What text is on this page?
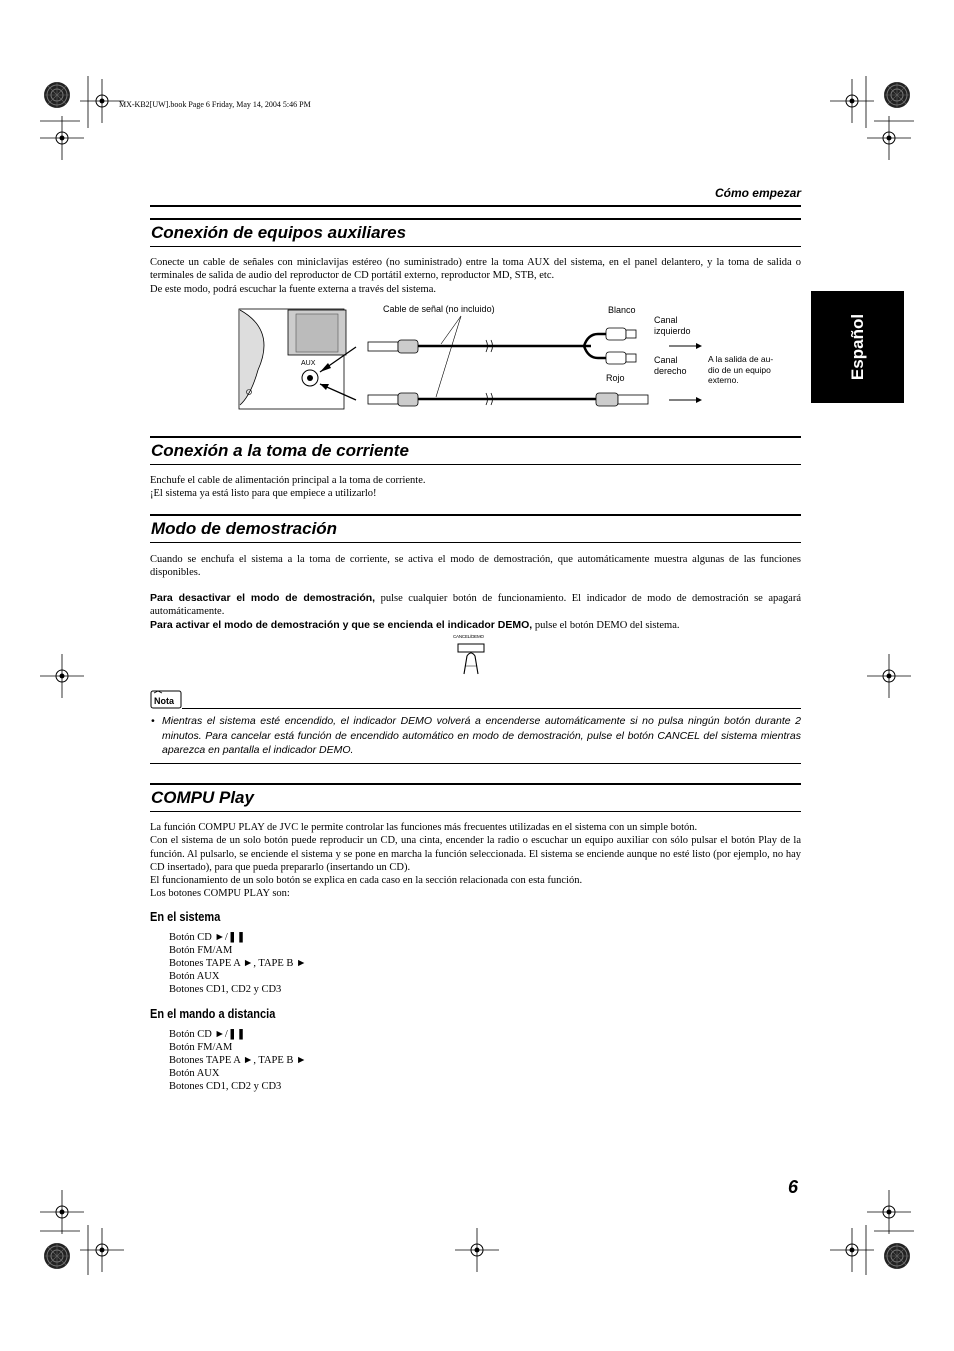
MX-KB2[UW].book Page 6 Friday, May 14, 2004 5:46 PM
Cómo empezar
Español
Conexión de equipos auxiliares

Conecte un cable de señales con miniclavijas estéreo (no suministrado) entre la toma AUX del sistema, en el panel delantero, y la toma de salida o terminales de salida de audio del reproductor de CD portátil externo, reproductor MD, STB, etc.

De este modo, podrá escuchar la fuente externa a través del sistema.

AUX
Cable de señal (no incluido)	Blanco
Rojo
Canal
izquierdo
Canal
derecho
A la salida de au-
dio de un equipo
externo.
Conexión a la toma de corriente

Enchufe el cable de alimentación principal a la toma de corriente.

¡El sistema ya está listo para que empiece a utilizarlo!

Modo de demostración

Cuando se enchufa el sistema a la toma de corriente, se activa el modo de demostración, que automáticamente muestra algunas de las funciones disponibles.

Para desactivar el modo de demostración, pulse cualquier botón de funcionamiento. El indicador de modo de demostración se apagará automáticamente.

Para activar el modo de demostración y que se encienda el indicador DEMO, pulse el botón DEMO del sistema.

CANCEL/DEMO
Nota
• Mientras el sistema esté encendido, el indicador DEMO volverá a encenderse automáticamente si no pulsa ningún botón durante 2 minutos. Para cancelar está función de encendido automático en modo de demostración, pulse el botón CANCEL del sistema mientras aparezca en pantalla el indicador DEMO.
COMPU Play

La función COMPU PLAY de JVC le permite controlar las funciones más frecuentes utilizadas en el sistema con un simple botón.

Con el sistema de un solo botón puede reproducir un CD, una cinta, encender la radio o escuchar un equipo auxiliar con sólo pulsar el botón Play de la función. Al pulsarlo, se enciende el sistema y se pone en marcha la función seleccionada. El sistema se enciende aunque no esté listo (por ejemplo, no hay CD insertado), para que pueda prepararlo (insertando un CD).

El funcionamiento de un solo botón se explica en cada caso en la sección relacionada con esta función.

Los botones COMPU PLAY son:

En el sistema
Botón CD ►/❚❚
Botón FM/AM
Botones TAPE A ►, TAPE B ►
Botón AUX
Botones CD1, CD2 y CD3
En el mando a distancia
Botón CD ►/❚❚
Botón FM/AM
Botones TAPE A ►, TAPE B ►
Botón AUX
Botones CD1, CD2 y CD3
6
